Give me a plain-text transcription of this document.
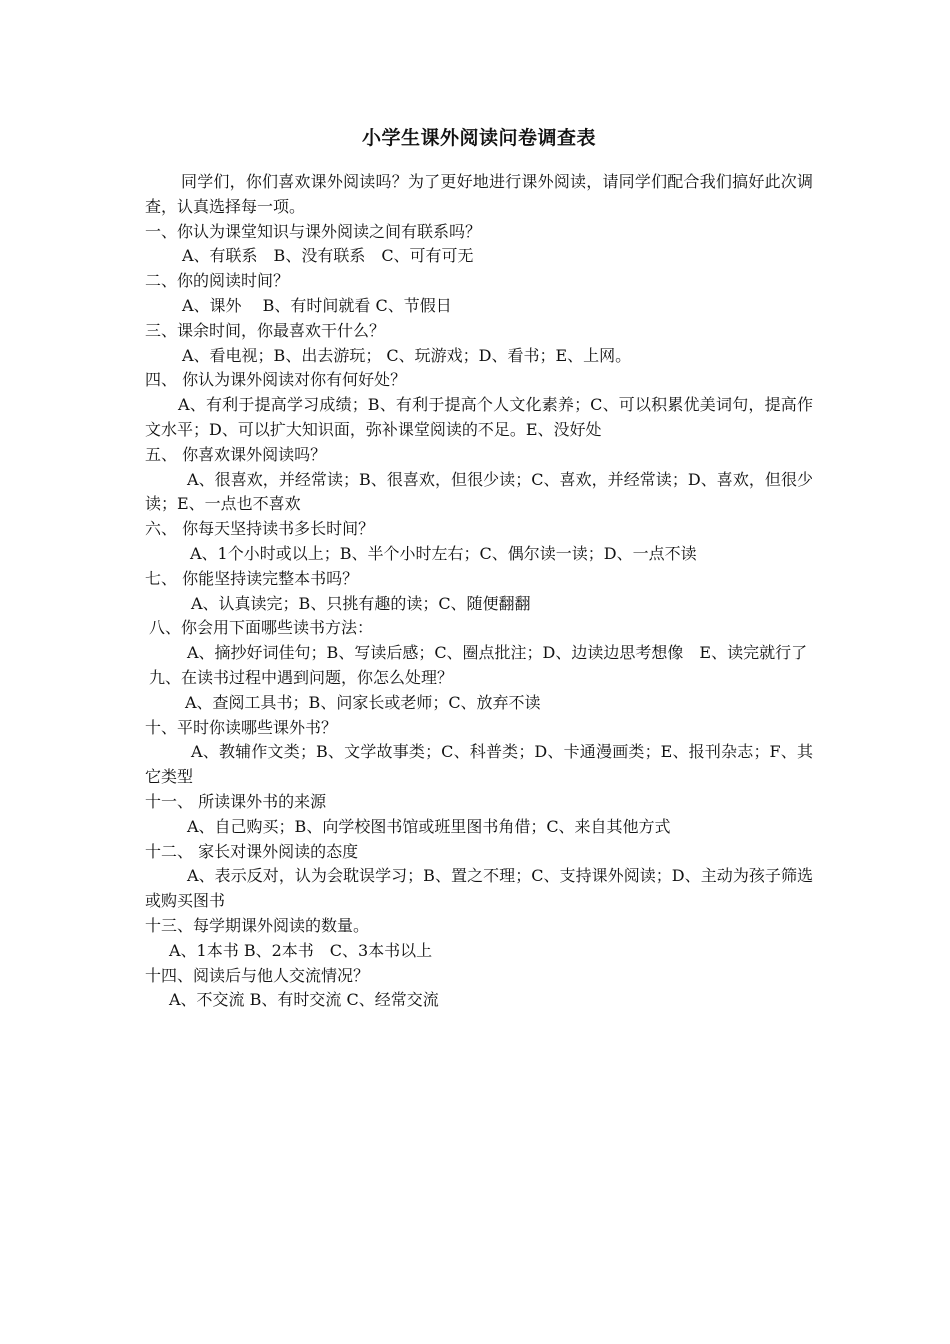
小学生课外阅读问卷调查表
同学们，你们喜欢课外阅读吗？为了更好地进行课外阅读，请同学们配合我们搞好此次调查，认真选择每一项。
一、你认为课堂知识与课外阅读之间有联系吗？
A、有联系　B、没有联系　C、可有可无
二、你的阅读时间？
A、课外　 B、有时间就看 C、节假日
三、课余时间，你最喜欢干什么？
A、看电视；B、出去游玩； C、玩游戏；D、看书；E、上网。
四、 你认为课外阅读对你有何好处？
A、有利于提高学习成绩；B、有利于提高个人文化素养；C、可以积累优美词句，提高作文水平；D、可以扩大知识面，弥补课堂阅读的不足。E、没好处
五、 你喜欢课外阅读吗？
A、很喜欢，并经常读；B、很喜欢，但很少读；C、喜欢，并经常读；D、喜欢，但很少读；E、一点也不喜欢
六、 你每天坚持读书多长时间？
A、1个小时或以上；B、半个小时左右；C、偶尔读一读；D、一点不读
七、 你能坚持读完整本书吗？
A、认真读完；B、只挑有趣的读；C、随便翻翻
八、你会用下面哪些读书方法：
A、摘抄好词佳句；B、写读后感；C、圈点批注；D、边读边思考想像　E、读完就行了
九、在读书过程中遇到问题，你怎么处理？
A、查阅工具书；B、问家长或老师；C、放弃不读
十、平时你读哪些课外书？
A、教辅作文类；B、文学故事类；C、科普类；D、卡通漫画类；E、报刊杂志；F、其它类型
十一、 所读课外书的来源
A、自己购买；B、向学校图书馆或班里图书角借；C、来自其他方式
十二、 家长对课外阅读的态度
A、表示反对，认为会耽误学习；B、置之不理；C、支持课外阅读；D、主动为孩子筛选或购买图书
十三、每学期课外阅读的数量。
A、1本书 B、2本书　C、3本书以上
十四、阅读后与他人交流情况？
A、不交流 B、有时交流 C、经常交流
